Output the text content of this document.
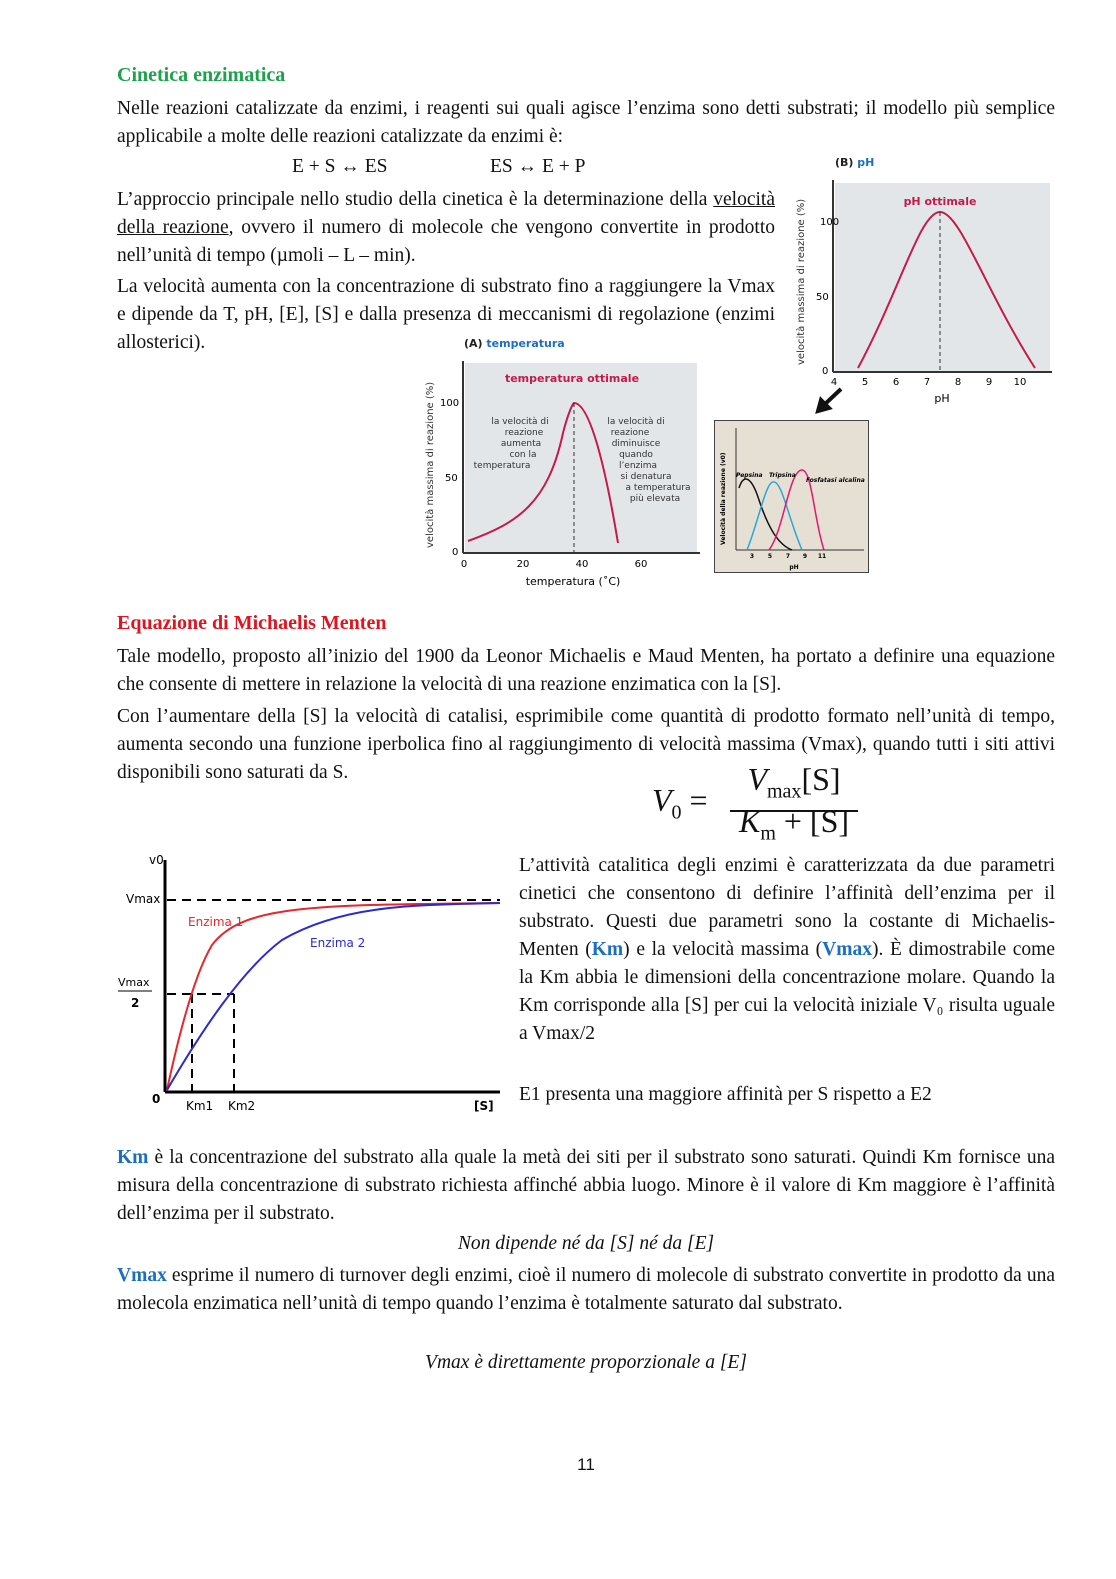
Cinetica enzimatica
Nelle reazioni catalizzate da enzimi, i reagenti sui quali agisce l’enzima sono detti substrati; il modello più semplice applicabile a molte delle reazioni catalizzate da enzimi è:
E + S ↔ ES	ES ↔ E + P
L’approccio principale nello studio della cinetica è la determinazione della velocità della reazione, ovvero il numero di molecole che vengono convertite in prodotto nell’unità di tempo (µmoli – L – min).
La velocità aumenta con la concentrazione di substrato fino a raggiungere la Vmax e dipende da T, pH, [E], [S] e dalla presenza di meccanismi di regolazione (enzimi allosterici).
(B) pH
pH ottimale
velocità massima di reazione (%) 100
50
0
4 5 6 7 8 9 10
pH
(A) temperatura
temperatura ottimale
la velocità di
reazione
aumenta
con la
temperatura
la velocità di
reazione
diminuisce
quando
l’enzima
si denatura
a temperatura
più elevata
velocità massima di reazione (%) 100
50
0
0	20	40	60
temperatura (˚C)
Pepsina Tripsina
Fosfatasi alcalina
Velocità della reazione (v0)
3 5 7 9 11
pH
Equazione di Michaelis Menten
Tale modello, proposto all’inizio del 1900 da Leonor Michaelis e Maud Menten, ha portato a definire una equazione che consente di mettere in relazione la velocità di una reazione enzimatica con la [S].
Con l’aumentare della [S] la velocità di catalisi, esprimibile come quantità di prodotto formato nell’unità di tempo, aumenta secondo una funzione iperbolica fino al raggiungimento di velocità massima (Vmax), quando tutti i siti attivi disponibili sono saturati da S.
$V_0$ =
$V_{max}[S]$
$K_m + [S]$
Enzima 1
Enzima 2
v0
Vmax
Vmax
2
0 Km1 Km2	[S]
L’attività catalitica degli enzimi è caratterizzata da due parametri cinetici che consentono di definire l’affinità dell’enzima per il substrato. Questi due parametri sono la costante di Michaelis-Menten (Km) e la velocità massima (Vmax). È dimostrabile come la Km abbia le dimensioni della concentrazione molare. Quando la Km corrisponde alla [S] per cui la velocità iniziale V₀ risulta uguale a Vmax/2
E1 presenta una maggiore affinità per S rispetto a E2
Km è la concentrazione del substrato alla quale la metà dei siti per il substrato sono saturati. Quindi Km fornisce una misura della concentrazione di substrato richiesta affinché abbia luogo. Minore è il valore di Km maggiore è l’affinità dell’enzima per il substrato.
Non dipende né da [S] né da [E]
Vmax esprime il numero di turnover degli enzimi, cioè il numero di molecole di substrato convertite in prodotto da una molecola enzimatica nell’unità di tempo quando l’enzima è totalmente saturato dal substrato.
Vmax è direttamente proporzionale a [E]
11
